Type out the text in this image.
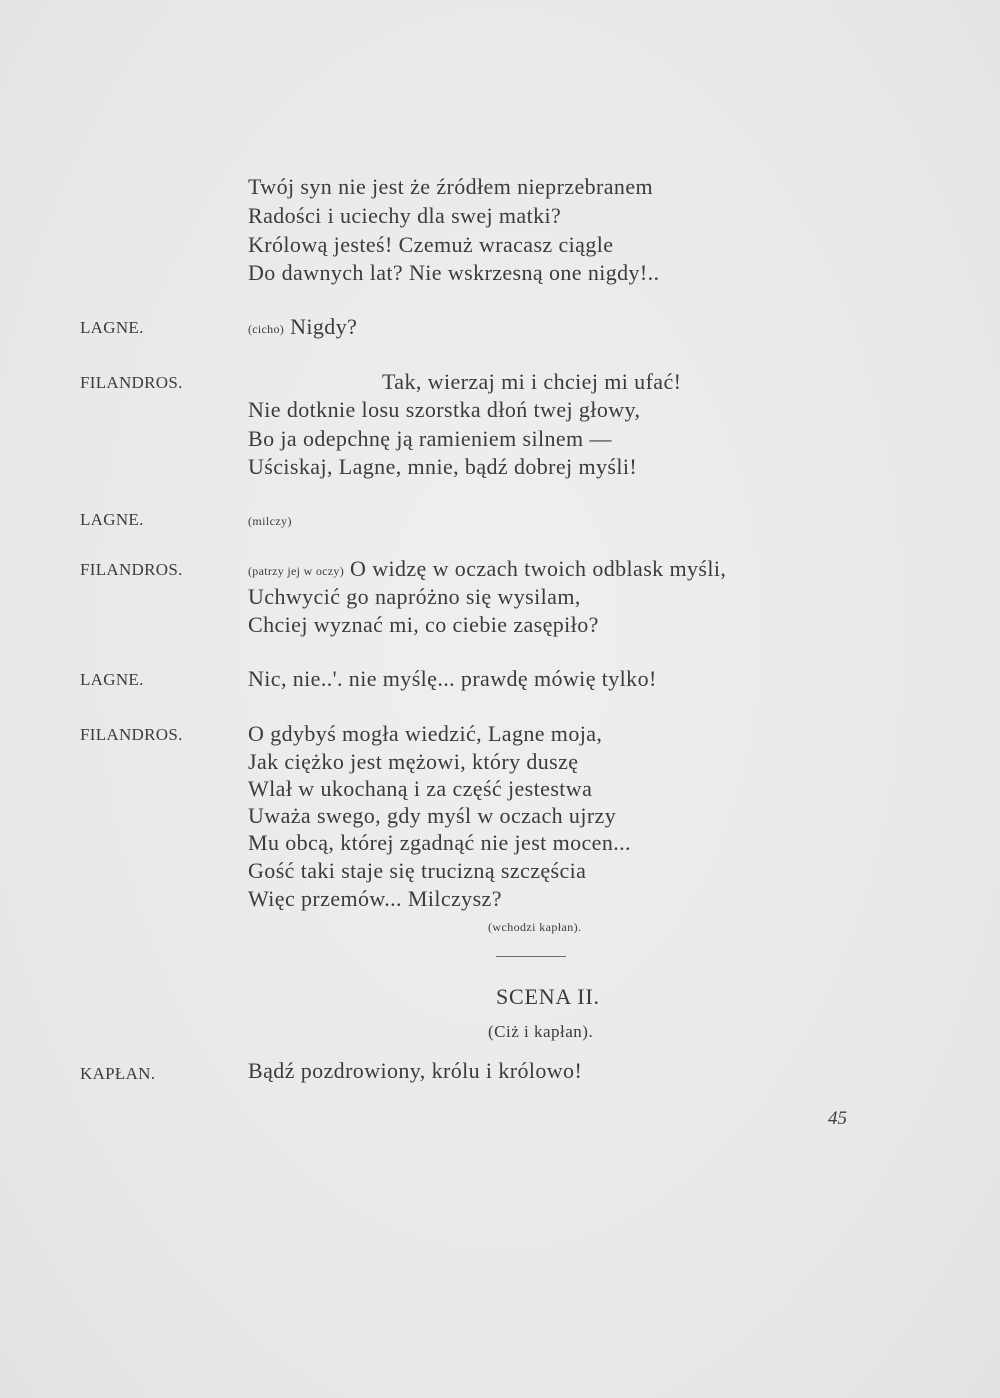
Twój syn nie jest że źródłem nieprzebranem
Radości i uciechy dla swej matki?
Królową jesteś! Czemuż wracasz ciągle
Do dawnych lat? Nie wskrzesną one nigdy!..
LAGNE.	(cicho) Nigdy?
FILANDROS.	Tak, wierzaj mi i chciej mi ufać!
Nie dotknie losu szorstka dłoń twej głowy,
Bo ja odepchnę ją ramieniem silnem —
Uściskaj, Lagne, mnie, bądź dobrej myśli!
LAGNE.	(milczy)
FILANDROS.	(patrzy jej w oczy) O widzę w oczach twoich odblask myśli,
Uchwycić go napróżno się wysilam,
Chciej wyznać mi, co ciebie zasępiło?
LAGNE.	Nic, nie..'. nie myślę... prawdę mówię tylko!
FILANDROS.	O gdybyś mogła wiedzić, Lagne moja,
Jak ciężko jest mężowi, który duszę
Wlał w ukochaną i za część jestestwa
Uważa swego, gdy myśl w oczach ujrzy
Mu obcą, której zgadnąć nie jest mocen...
Gość taki staje się trucizną szczęścia
Więc przemów... Milczysz?
(wchodzi kapłan).
SCENA II.
(Ciż i kapłan).
KAPŁAN.	Bądź pozdrowiony, królu i królowo!
45
